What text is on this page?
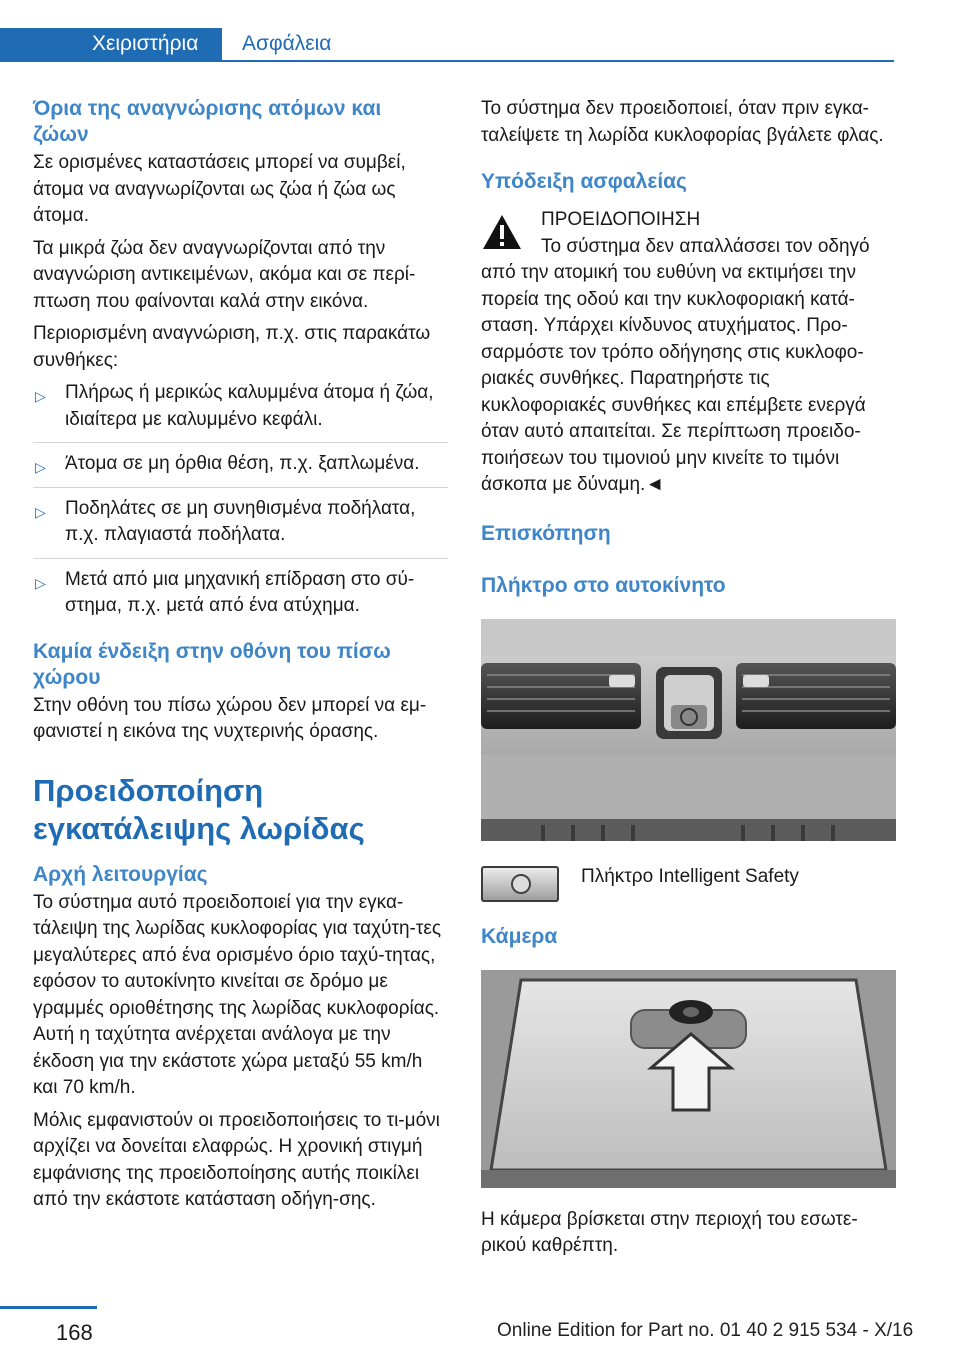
Χειριστήρια	Ασφάλεια
Όρια της αναγνώρισης ατόμων και
ζώων

Σε ορισμένες καταστάσεις μπορεί να συμβεί, άτομα να αναγνωρίζονται ως ζώα ή ζώα ως άτομα.

Τα μικρά ζώα δεν αναγνωρίζονται από την αναγνώριση αντικειμένων, ακόμα και σε περί‐πτωση που φαίνονται καλά στην εικόνα.

Περιορισμένη αναγνώριση, π.χ. στις παρακάτω συνθήκες:

▷ Πλήρως ή μερικώς καλυμμένα άτομα ή ζώα, ιδιαίτερα με καλυμμένο κεφάλι.
▷ Άτομα σε μη όρθια θέση, π.χ. ξαπλωμένα.
▷ Ποδηλάτες σε μη συνηθισμένα ποδήλατα, π.χ. πλαγιαστά ποδήλατα.
▷ Μετά από μια μηχανική επίδραση στο σύ‐στημα, π.χ. μετά από ένα ατύχημα.
Καμία ένδειξη στην οθόνη του πίσω
χώρου

Στην οθόνη του πίσω χώρου δεν μπορεί να εμ‐φανιστεί η εικόνα της νυχτερινής όρασης.

Προειδοποίηση
εγκατάλειψης λωρίδας
Αρχή λειτουργίας

Το σύστημα αυτό προειδοποιεί για την εγκα‐τάλειψη της λωρίδας κυκλοφορίας για ταχύτη‐τες μεγαλύτερες από ένα ορισμένο όριο ταχύ‐τητας, εφόσον το αυτοκίνητο κινείται σε δρόμο με γραμμές οριοθέτησης της λωρίδας κυκλοφορίας. Αυτή η ταχύτητα ανέρχεται ανάλογα με την έκδοση για την εκάστοτε χώρα μεταξύ 55 km/h και 70 km/h.

Μόλις εμφανιστούν οι προειδοποιήσεις το τι‐μόνι αρχίζει να δονείται ελαφρώς. Η χρονική στιγμή εμφάνισης της προειδοποίησης αυτής ποικίλει από την εκάστοτε κατάσταση οδήγη‐σης.

Το σύστημα δεν προειδοποιεί, όταν πριν εγκα‐ταλείψετε τη λωρίδα κυκλοφορίας βγάλετε φλας.

Υπόδειξη ασφαλείας

ΠΡΟΕΙΔΟΠΟΙΗΣΗ

Το σύστημα δεν απαλλάσσει τον οδηγό

από την ατομική του ευθύνη να εκτιμήσει την πορεία της οδού και την κυκλοφοριακή κατά‐σταση. Υπάρχει κίνδυνος ατυχήματος. Προ‐σαρμόστε τον τρόπο οδήγησης στις κυκλοφο‐ριακές συνθήκες. Παρατηρήστε τις κυκλοφοριακές συνθήκες και επέμβετε ενεργά όταν αυτό απαιτείται. Σε περίπτωση προειδο‐ποιήσεων του τιμονιού μην κινείτε το τιμόνι άσκοπα με δύναμη.◄

Επισκόπηση
Πλήκτρο στο αυτοκίνητο
Πλήκτρο Intelligent Safety
Κάμερα

Η κάμερα βρίσκεται στην περιοχή του εσωτε‐ρικού καθρέπτη.

168	Online Edition for Part no. 01 40 2 915 534 - X/16
